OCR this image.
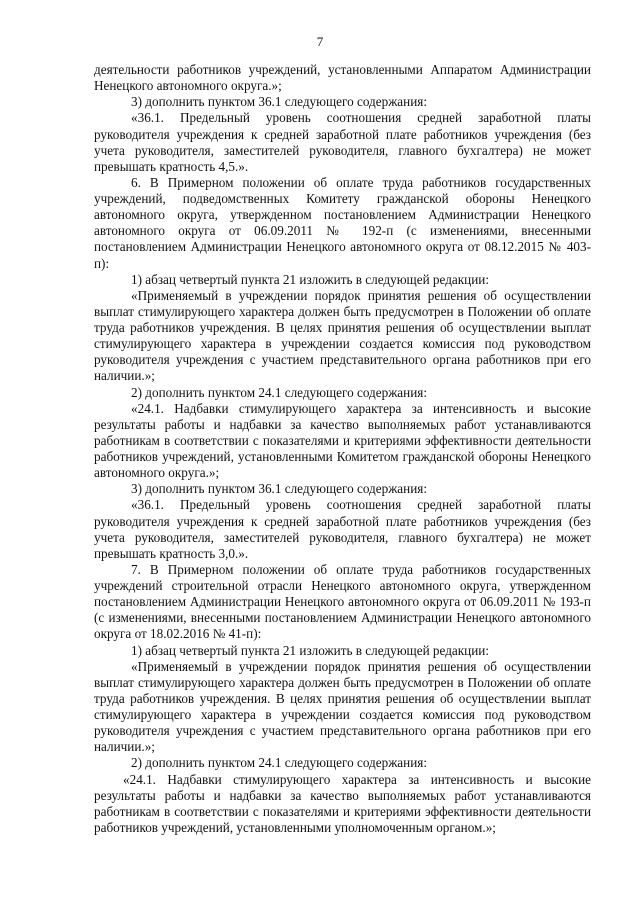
7

деятельности работников учреждений, установленными Аппаратом Администрации Ненецкого автономного округа.»;

3) дополнить пунктом 36.1 следующего содержания:

«36.1. Предельный уровень соотношения средней заработной платы руководителя учреждения к средней заработной плате работников учреждения (без учета руководителя, заместителей руководителя, главного бухгалтера) не может превышать кратность 4,5.».

6. В Примерном положении об оплате труда работников государственных учреждений, подведомственных Комитету гражданской обороны Ненецкого автономного округа, утвержденном постановлением Администрации Ненецкого автономного округа от 06.09.2011 № 192-п (с изменениями, внесенными постановлением Администрации Ненецкого автономного округа от 08.12.2015 № 403-п):

1) абзац четвертый пункта 21 изложить в следующей редакции:

«Применяемый в учреждении порядок принятия решения об осуществлении выплат стимулирующего характера должен быть предусмотрен в Положении об оплате труда работников учреждения. В целях принятия решения об осуществлении выплат стимулирующего характера в учреждении создается комиссия под руководством руководителя учреждения с участием представительного органа работников при его наличии.»;

2) дополнить пунктом 24.1 следующего содержания:

«24.1. Надбавки стимулирующего характера за интенсивность и высокие результаты работы и надбавки за качество выполняемых работ устанавливаются работникам в соответствии с показателями и критериями эффективности деятельности работников учреждений, установленными Комитетом гражданской обороны Ненецкого автономного округа.»;

3) дополнить пунктом 36.1 следующего содержания:

«36.1. Предельный уровень соотношения средней заработной платы руководителя учреждения к средней заработной плате работников учреждения (без учета руководителя, заместителей руководителя, главного бухгалтера) не может превышать кратность 3,0.».

7. В Примерном положении об оплате труда работников государственных учреждений строительной отрасли Ненецкого автономного округа, утвержденном постановлением Администрации Ненецкого автономного округа от 06.09.2011 № 193-п (с изменениями, внесенными постановлением Администрации Ненецкого автономного округа от 18.02.2016 № 41-п):

1) абзац четвертый пункта 21 изложить в следующей редакции:

«Применяемый в учреждении порядок принятия решения об осуществлении выплат стимулирующего характера должен быть предусмотрен в Положении об оплате труда работников учреждения. В целях принятия решения об осуществлении выплат стимулирующего характера в учреждении создается комиссия под руководством руководителя учреждения с участием представительного органа работников при его наличии.»;

2) дополнить пунктом 24.1 следующего содержания:

«24.1. Надбавки стимулирующего характера за интенсивность и высокие результаты работы и надбавки за качество выполняемых работ устанавливаются работникам в соответствии с показателями и критериями эффективности деятельности работников учреждений, установленными уполномоченным органом.»;
